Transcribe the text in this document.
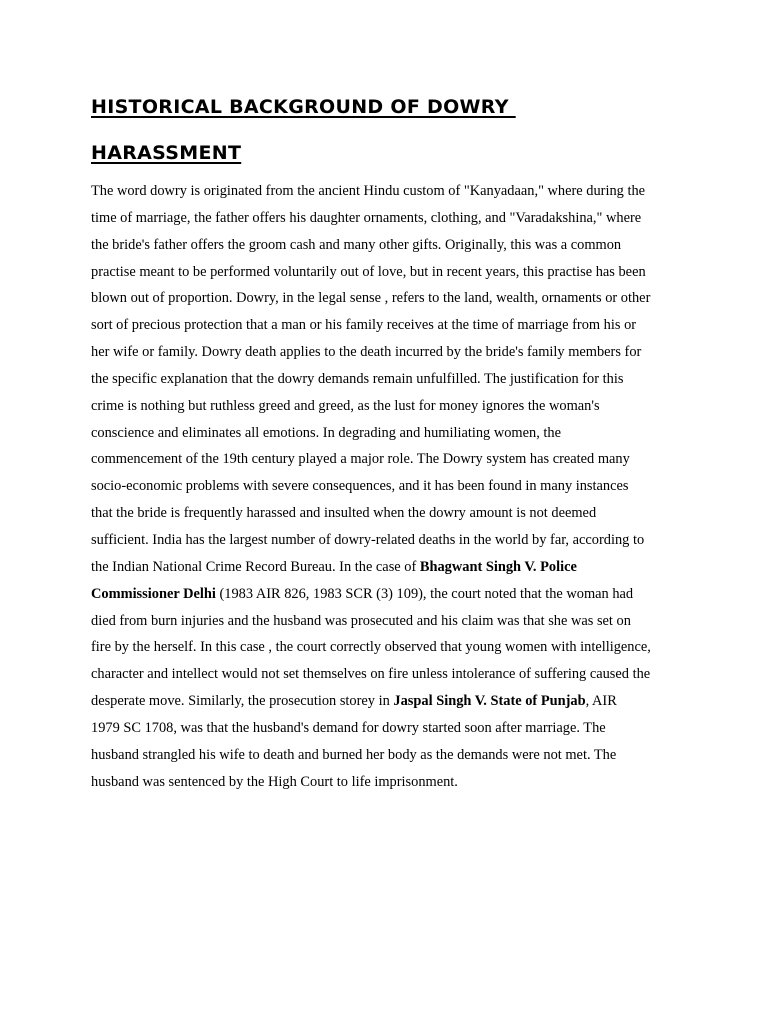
HISTORICAL BACKGROUND OF DOWRY
HARASSMENT
The word dowry is originated from the ancient Hindu custom of "Kanyadaan," where during the
time of marriage, the father offers his daughter ornaments, clothing, and "Varadakshina," where
the bride's father offers the groom cash and many other gifts. Originally, this was a common
practise meant to be performed voluntarily out of love, but in recent years, this practise has been
blown out of proportion. Dowry, in the legal sense , refers to the land, wealth, ornaments or other
sort of precious protection that a man or his family receives at the time of marriage from his or
her wife or family. Dowry death applies to the death incurred by the bride's family members for
the specific explanation that the dowry demands remain unfulfilled. The justification for this
crime is nothing but ruthless greed and greed, as the lust for money ignores the woman's
conscience and eliminates all emotions. In degrading and humiliating women, the
commencement of the 19th century played a major role. The Dowry system has created many
socio-economic problems with severe consequences, and it has been found in many instances
that the bride is frequently harassed and insulted when the dowry amount is not deemed
sufficient. India has the largest number of dowry-related deaths in the world by far, according to
the Indian National Crime Record Bureau. In the case of Bhagwant Singh V. Police
Commissioner Delhi (1983 AIR 826, 1983 SCR (3) 109), the court noted that the woman had
died from burn injuries and the husband was prosecuted and his claim was that she was set on
fire by the herself. In this case , the court correctly observed that young women with intelligence,
character and intellect would not set themselves on fire unless intolerance of suffering caused the
desperate move. Similarly, the prosecution storey in Jaspal Singh V. State of Punjab, AIR
1979 SC 1708, was that the husband's demand for dowry started soon after marriage. The
husband strangled his wife to death and burned her body as the demands were not met. The
husband was sentenced by the High Court to life imprisonment.
